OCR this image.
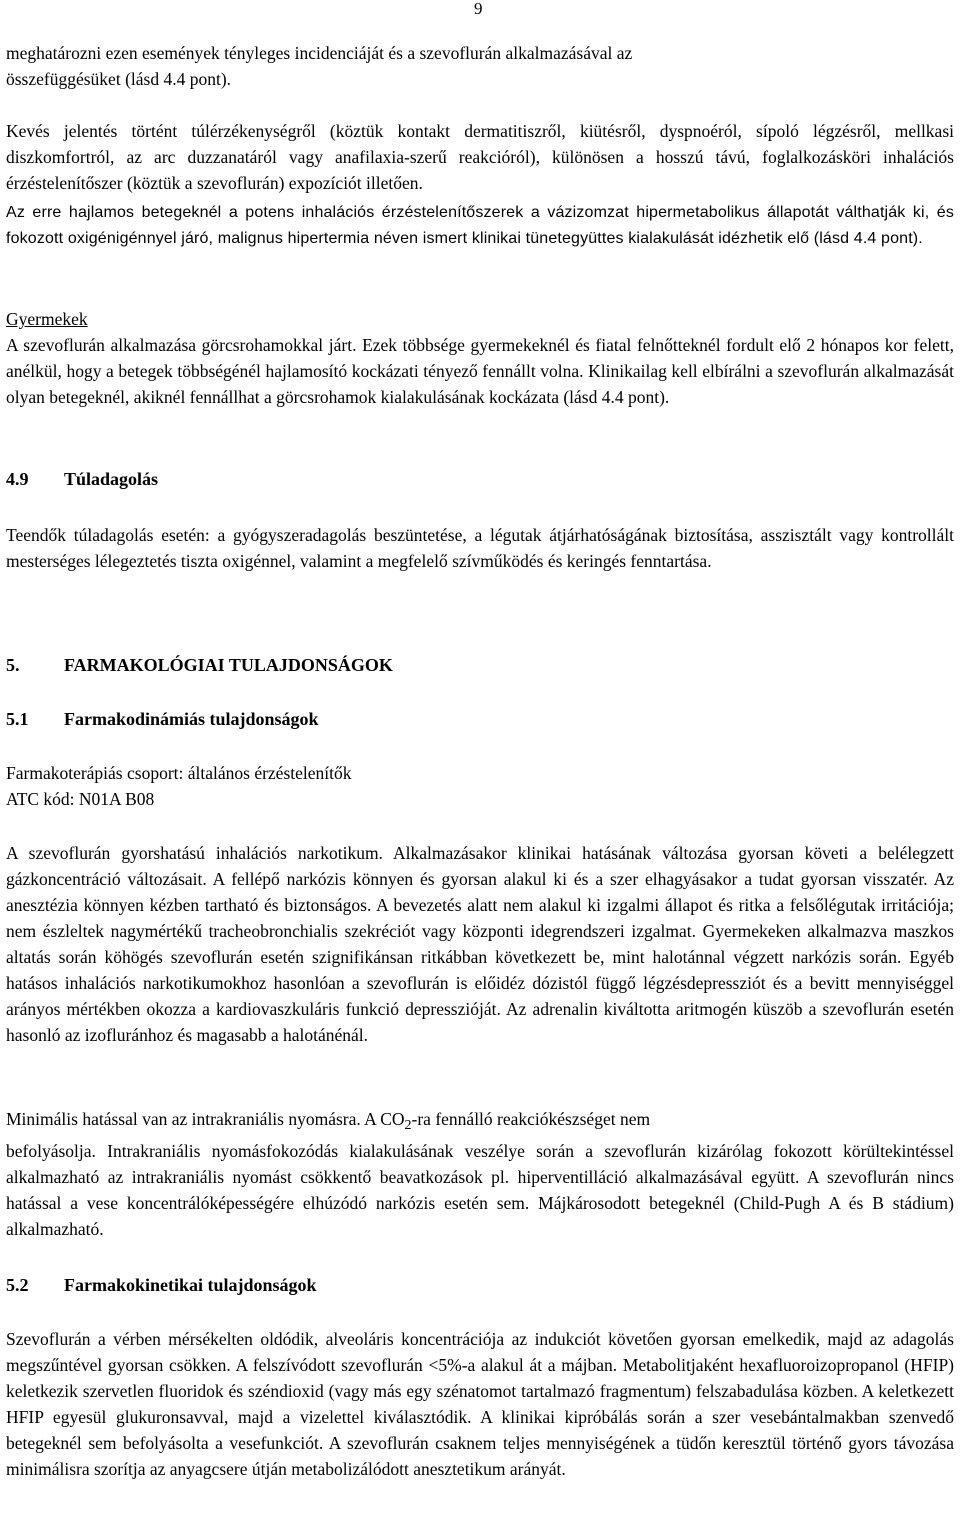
9
meghatározni ezen események tényleges incidenciáját és a szevoflurán alkalmazásával az
összefüggésüket (lásd 4.4 pont).

Kevés jelentés történt túlérzékenységről (köztük kontakt dermatitiszről, kiütésről, dyspnoéról, sípoló légzésről, mellkasi diszkomfortról, az arc duzzanatáról vagy anafilaxia-szerű reakcióról), különösen a hosszú távú, foglalkozásköri inhalációs érzéstelenítőszer (köztük a szevoflurán) expozíciót illetően.

Az erre hajlamos betegeknél a potens inhalációs érzéstelenítőszerek a vázizomzat hipermetabolikus állapotát válthatják ki, és fokozott oxigénigénnyel járó, malignus hipertermia néven ismert klinikai tünetegyüttes kialakulását idézhetik elő (lásd 4.4 pont).

Gyermekek

A szevoflurán alkalmazása görcsrohamokkal járt. Ezek többsége gyermekeknél és fiatal felnőtteknél fordult elő 2 hónapos kor felett, anélkül, hogy a betegek többségénél hajlamosító kockázati tényező fennállt volna. Klinikailag kell elbírálni a szevoflurán alkalmazását olyan betegeknél, akiknél fennállhat a görcsrohamok kialakulásának kockázata (lásd 4.4 pont).

4.9 Túladagolás

Teendők túladagolás esetén: a gyógyszeradagolás beszüntetése, a légutak átjárhatóságának biztosítása, asszisztált vagy kontrollált mesterséges lélegeztetés tiszta oxigénnel, valamint a megfelelő szívműködés és keringés fenntartása.

5. FARMAKOLÓGIAI TULAJDONSÁGOK
5.1 Farmakodinámiás tulajdonságok
Farmakoterápiás csoport: általános érzéstelenítők
ATC kód: N01A B08

A szevoflurán gyorshatású inhalációs narkotikum. Alkalmazásakor klinikai hatásának változása gyorsan követi a belélegzett gázkoncentráció változásait. A fellépő narkózis könnyen és gyorsan alakul ki és a szer elhagyásakor a tudat gyorsan visszatér. Az anesztézia könnyen kézben tartható és biztonságos. A bevezetés alatt nem alakul ki izgalmi állapot és ritka a felsőlégutak irritációja; nem észleltek nagymértékű tracheobronchialis szekréciót vagy központi idegrendszeri izgalmat. Gyermekeken alkalmazva maszkos altatás során köhögés szevoflurán esetén szignifikánsan ritkábban következett be, mint halotánnal végzett narkózis során. Egyéb hatásos inhalációs narkotikumokhoz hasonlóan a szevoflurán is előidéz dózistól függő légzésdepressziót és a bevitt mennyiséggel arányos mértékben okozza a kardiovaszkuláris funkció depresszióját. Az adrenalin kiváltotta aritmogén küszöb a szevoflurán esetén hasonló az izofluránhoz és magasabb a halotánénál.

Minimális hatással van az intrakraniális nyomásra. A $CO_2-ra$ fennálló reakciókészséget nem

befolyásolja. Intrakraniális nyomásfokozódás kialakulásának veszélye során a szevoflurán kizárólag fokozott körültekintéssel alkalmazható az intrakraniális nyomást csökkentő beavatkozások pl. hiperventilláció alkalmazásával együtt. A szevoflurán nincs hatással a vese koncentrálóképességére elhúzódó narkózis esetén sem. Májkárosodott betegeknél (Child-Pugh A és B stádium) alkalmazható.

5.2 Farmakokinetikai tulajdonságok

Szevoflurán a vérben mérsékelten oldódik, alveoláris koncentrációja az indukciót követően gyorsan emelkedik, majd az adagolás megszűntével gyorsan csökken. A felszívódott szevoflurán <5%-a alakul át a májban. Metabolitjaként hexafluoroizopropanol (HFIP) keletkezik szervetlen fluoridok és széndioxid (vagy más egy szénatomot tartalmazó fragmentum) felszabadulása közben. A keletkezett HFIP egyesül glukuronsavval, majd a vizelettel kiválasztódik. A klinikai kipróbálás során a szer vesebántalmakban szenvedő betegeknél sem befolyásolta a vesefunkciót. A szevoflurán csaknem teljes mennyiségének a tüdőn keresztül történő gyors távozása minimálisra szorítja az anyagcsere útján metabolizálódott anesztetikum arányát.
